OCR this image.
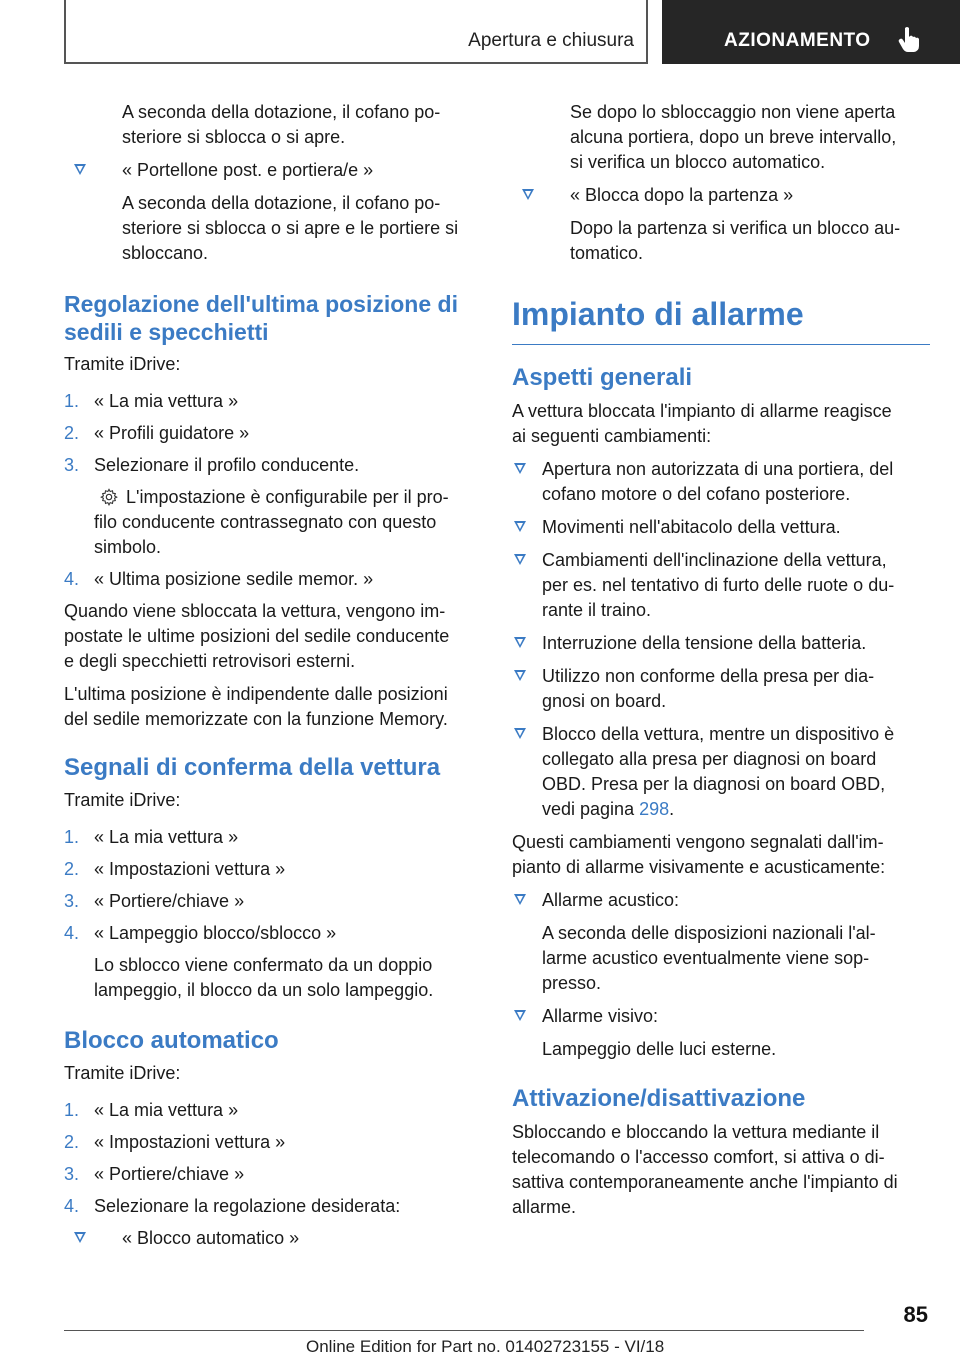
Apertura e chiusura	AZIONAMENTO

A seconda della dotazione, il cofano po-
steriore si sblocca o si apre.

« Portellone post. e portiera/e »

A seconda della dotazione, il cofano po-
steriore si sblocca o si apre e le portiere si
sbloccano.

Regolazione dell'ultima posizione di sedili e specchietti

Tramite iDrive:

1. « La mia vettura »
2. « Profili guidatore »
3. Selezionare il profilo conducente.
L'impostazione è configurabile per il pro-
filo conducente contrassegnato con questo
simbolo.
4. « Ultima posizione sedile memor. »

Quando viene sbloccata la vettura, vengono im-
postate le ultime posizioni del sedile conducente
e degli specchietti retrovisori esterni.

L'ultima posizione è indipendente dalle posizioni
del sedile memorizzate con la funzione Memory.

Segnali di conferma della vettura

Tramite iDrive:

1. « La mia vettura »
2. « Impostazioni vettura »
3. « Portiere/chiave »
4. « Lampeggio blocco/sblocco »

Lo sblocco viene confermato da un doppio
lampeggio, il blocco da un solo lampeggio.

Blocco automatico

Tramite iDrive:

1. « La mia vettura »
2. « Impostazioni vettura »
3. « Portiere/chiave »
4. Selezionare la regolazione desiderata:

« Blocco automatico »

Se dopo lo sbloccaggio non viene aperta
alcuna portiera, dopo un breve intervallo,
si verifica un blocco automatico.

« Blocca dopo la partenza »

Dopo la partenza si verifica un blocco au-
tomatico.

Impianto di allarme
Aspetti generali

A vettura bloccata l'impianto di allarme reagisce
ai seguenti cambiamenti:

Apertura non autorizzata di una portiera, del
cofano motore o del cofano posteriore.

Movimenti nell'abitacolo della vettura.

Cambiamenti dell'inclinazione della vettura,
per es. nel tentativo di furto delle ruote o du-
rante il traino.

Interruzione della tensione della batteria.

Utilizzo non conforme della presa per dia-
gnosi on board.

Blocco della vettura, mentre un dispositivo è
collegato alla presa per diagnosi on board
OBD. Presa per la diagnosi on board OBD,
vedi pagina 298.

Questi cambiamenti vengono segnalati dall'im-
pianto di allarme visivamente e acusticamente:

Allarme acustico:

A seconda delle disposizioni nazionali l'al-
larme acustico eventualmente viene sop-
presso.

Allarme visivo:

Lampeggio delle luci esterne.

Attivazione/disattivazione

Sbloccando e bloccando la vettura mediante il
telecomando o l'accesso comfort, si attiva o di-
sattiva contemporaneamente anche l'impianto di
allarme.

85
Online Edition for Part no. 01402723155 - VI/18
